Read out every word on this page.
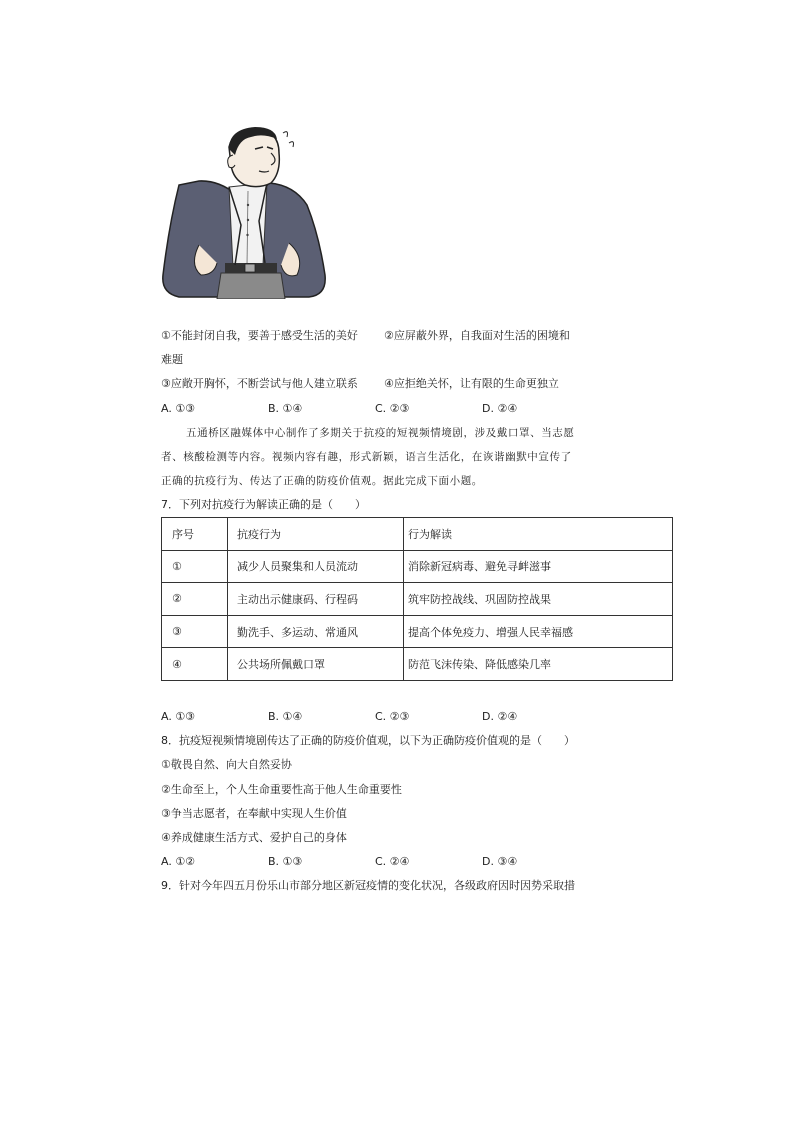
①不能封闭自我，要善于感受生活的美好 ②应屏蔽外界，自我面对生活的困境和
难题
③应敞开胸怀，不断尝试与他人建立联系 ④应拒绝关怀，让有限的生命更独立
A. ①③	B. ①④	C. ②③	D. ②④
五通桥区融媒体中心制作了多期关于抗疫的短视频情境剧，涉及戴口罩、当志愿
者、核酸检测等内容。视频内容有趣，形式新颖，语言生活化，在诙谐幽默中宣传了
正确的抗疫行为、传达了正确的防疫价值观。据此完成下面小题。
7．下列对抗疫行为解读正确的是（　　）
序号	抗疫行为	行为解读
①	减少人员聚集和人员流动	消除新冠病毒、避免寻衅滋事
②	主动出示健康码、行程码	筑牢防控战线、巩固防控战果
③	勤洗手、多运动、常通风	提高个体免疫力、增强人民幸福感
④	公共场所佩戴口罩	防范飞沫传染、降低感染几率
A. ①③	B. ①④	C. ②③	D. ②④
8．抗疫短视频情境剧传达了正确的防疫价值观，以下为正确防疫价值观的是（　　）
①敬畏自然、向大自然妥协
②生命至上，个人生命重要性高于他人生命重要性
③争当志愿者，在奉献中实现人生价值
④养成健康生活方式、爱护自己的身体
A. ①②	B. ①③	C. ②④	D. ③④
9．针对今年四五月份乐山市部分地区新冠疫情的变化状况，各级政府因时因势采取措
